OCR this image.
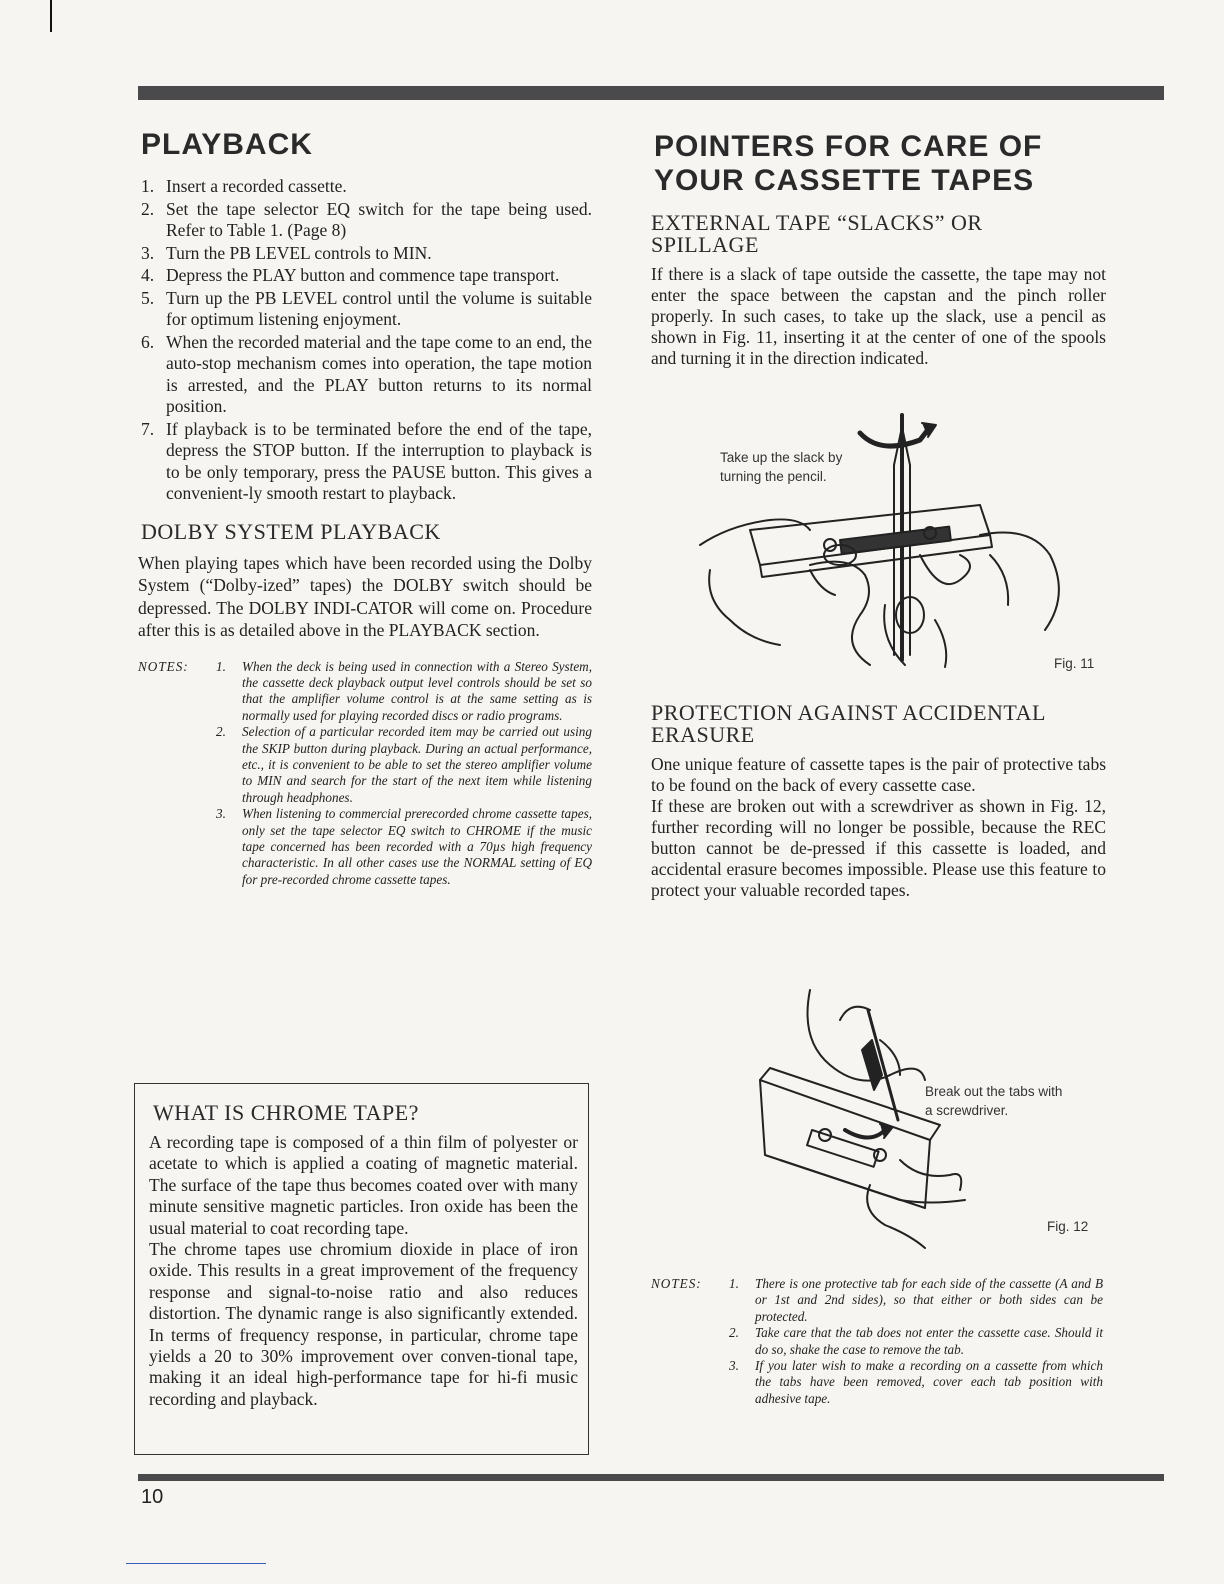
PLAYBACK
1. Insert a recorded cassette.
2. Set the tape selector EQ switch for the tape being used. Refer to Table 1. (Page 8)
3. Turn the PB LEVEL controls to MIN.
4. Depress the PLAY button and commence tape transport.
5. Turn up the PB LEVEL control until the volume is suitable for optimum listening enjoyment.
6. When the recorded material and the tape come to an end, the auto-stop mechanism comes into operation, the tape motion is arrested, and the PLAY button returns to its normal position.
7. If playback is to be terminated before the end of the tape, depress the STOP button. If the interruption to playback is to be only temporary, press the PAUSE button. This gives a convenient-ly smooth restart to playback.
DOLBY SYSTEM PLAYBACK

When playing tapes which have been recorded using the Dolby System (“Dolby-ized” tapes) the DOLBY switch should be depressed. The DOLBY INDI-CATOR will come on. Procedure after this is as detailed above in the PLAYBACK section.

NOTES:	1. When the deck is being used in connection with a Stereo System, the cassette deck playback output level controls should be set so that the amplifier volume control is at the same setting as is normally used for playing recorded discs or radio programs.
2. Selection of a particular recorded item may be carried out using the SKIP button during playback. During an actual performance, etc., it is convenient to be able to set the stereo amplifier volume to MIN and search for the start of the next item while listening through headphones.
3. When listening to commercial prerecorded chrome cassette tapes, only set the tape selector EQ switch to CHROME if the music tape concerned has been recorded with a 70µs high frequency characteristic. In all other cases use the NORMAL setting of EQ for pre-recorded chrome cassette tapes.
WHAT IS CHROME TAPE?

A recording tape is composed of a thin film of polyester or acetate to which is applied a coating of magnetic material. The surface of the tape thus becomes coated over with many minute sensitive magnetic particles. Iron oxide has been the usual material to coat recording tape.

The chrome tapes use chromium dioxide in place of iron oxide. This results in a great improvement of the frequency response and signal-to-noise ratio and also reduces distortion. The dynamic range is also significantly extended. In terms of frequency response, in particular, chrome tape yields a 20 to 30% improvement over conven-tional tape, making it an ideal high-performance tape for hi-fi music recording and playback.

POINTERS FOR CARE OF
YOUR CASSETTE TAPES
EXTERNAL TAPE “SLACKS” OR
SPILLAGE

If there is a slack of tape outside the cassette, the tape may not enter the space between the capstan and the pinch roller properly. In such cases, to take up the slack, use a pencil as shown in Fig. 11, inserting it at the center of one of the spools and turning it in the direction indicated.

Take up the slack by
turning the pencil.
Fig. 11
PROTECTION AGAINST ACCIDENTAL
ERASURE

One unique feature of cassette tapes is the pair of protective tabs to be found on the back of every cassette case.

If these are broken out with a screwdriver as shown in Fig. 12, further recording will no longer be possible, because the REC button cannot be de-pressed if this cassette is loaded, and accidental erasure becomes impossible. Please use this feature to protect your valuable recorded tapes.

Break out the tabs with
a screwdriver.
Fig. 12
NOTES:	1. There is one protective tab for each side of the cassette (A and B or 1st and 2nd sides), so that either or both sides can be protected.
2. Take care that the tab does not enter the cassette case. Should it do so, shake the case to remove the tab.
3. If you later wish to make a recording on a cassette from which the tabs have been removed, cover each tab position with adhesive tape.
10
